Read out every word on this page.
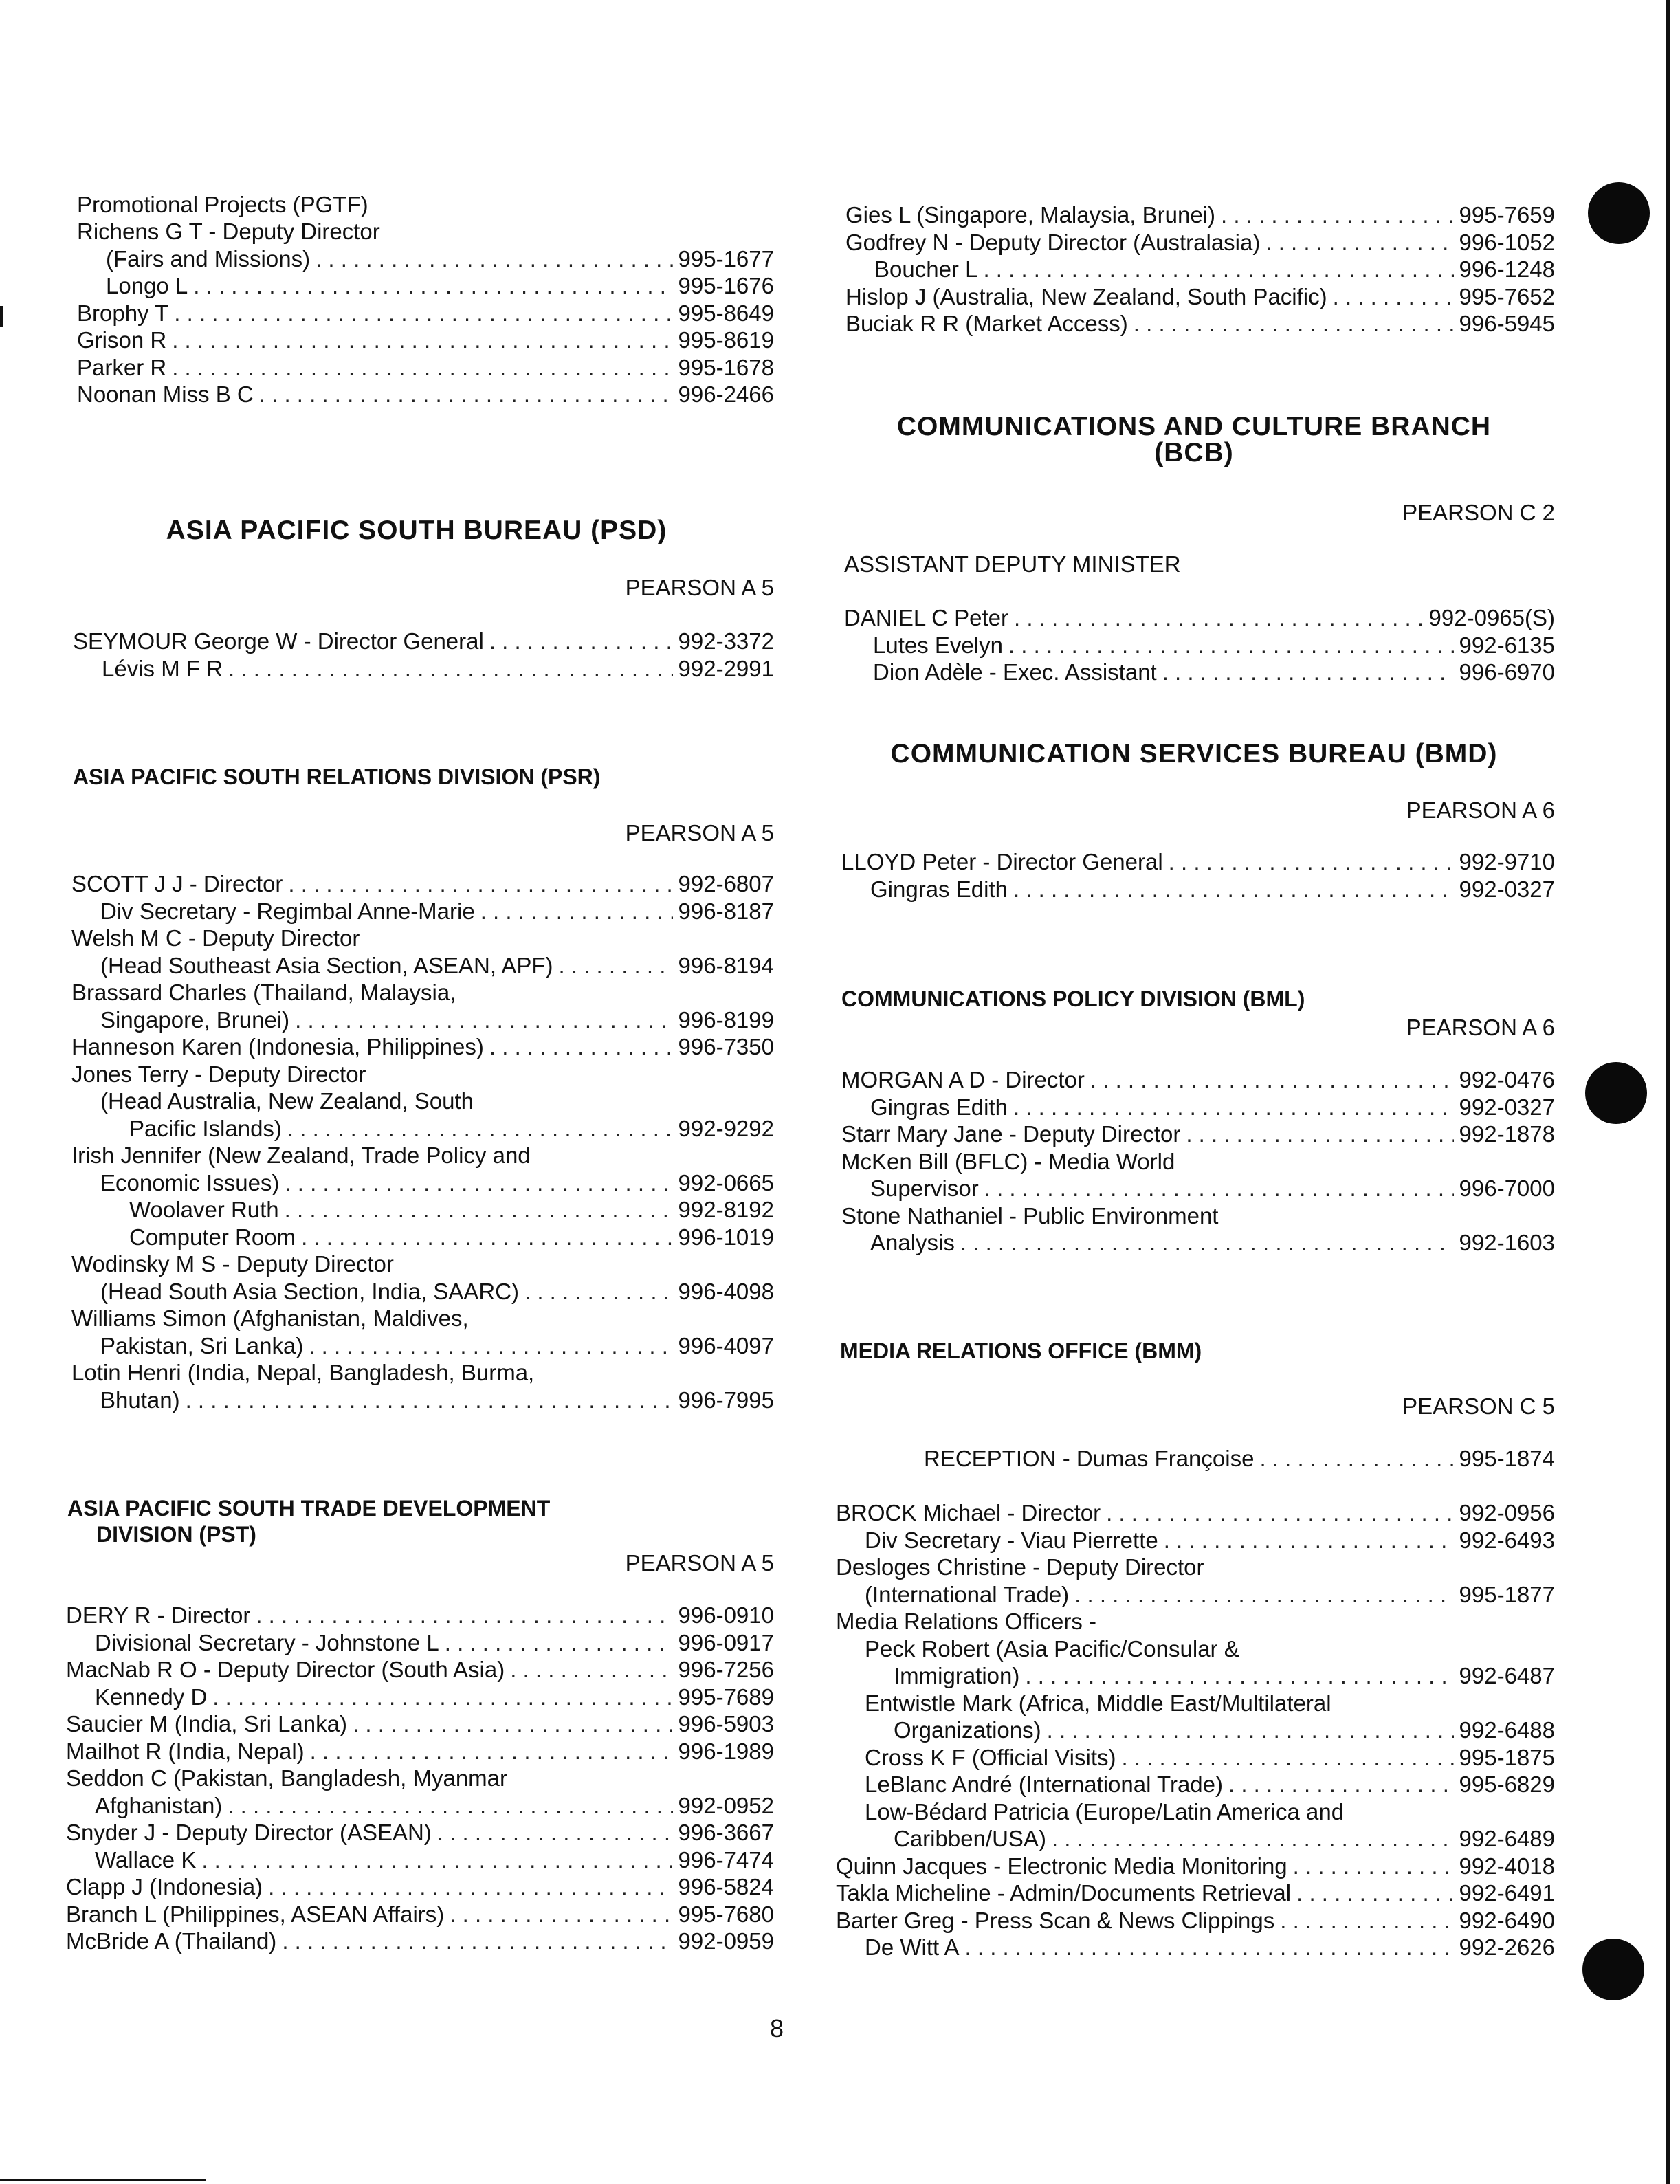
Promotional Projects (PGTF)
Richens G T - Deputy Director
(Fairs and Missions) . . .	995-1677
Longo L . . .	995-1676
Brophy T . . .	995-8649
Grison R . . .	995-8619
Parker R . . .	995-1678
Noonan Miss B C . . .	996-2466
ASIA PACIFIC SOUTH BUREAU (PSD)
PEARSON A 5
SEYMOUR George W - Director General . . .	992-3372
Lévis M F R . . .	992-2991
ASIA PACIFIC SOUTH RELATIONS DIVISION (PSR)
PEARSON A 5
SCOTT J J - Director . . .	992-6807
Div Secretary - Regimbal Anne-Marie . . .	996-8187
Welsh M C - Deputy Director
(Head Southeast Asia Section, ASEAN, APF) . . .	996-8194
Brassard Charles (Thailand, Malaysia,
Singapore, Brunei) . . .	996-8199
Hanneson Karen (Indonesia, Philippines) . . .	996-7350
Jones Terry - Deputy Director
(Head Australia, New Zealand, South
Pacific Islands) . . .	992-9292
Irish Jennifer (New Zealand, Trade Policy and
Economic Issues) . . .	992-0665
Woolaver Ruth . . .	992-8192
Computer Room . . .	996-1019
Wodinsky M S - Deputy Director
(Head South Asia Section, India, SAARC) . . .	996-4098
Williams Simon (Afghanistan, Maldives,
Pakistan, Sri Lanka) . . .	996-4097
Lotin Henri (India, Nepal, Bangladesh, Burma,
Bhutan) . . .	996-7995
ASIA PACIFIC SOUTH TRADE DEVELOPMENT
DIVISION (PST)
PEARSON A 5
DERY R - Director . . .	996-0910
Divisional Secretary - Johnstone L . . .	996-0917
MacNab R O - Deputy Director (South Asia) . . .	996-7256
Kennedy D . . .	995-7689
Saucier M (India, Sri Lanka) . . .	996-5903
Mailhot R (India, Nepal) . . .	996-1989
Seddon C (Pakistan, Bangladesh, Myanmar
Afghanistan) . . .	992-0952
Snyder J - Deputy Director (ASEAN) . . .	996-3667
Wallace K . . .	996-7474
Clapp J (Indonesia) . . .	996-5824
Branch L (Philippines, ASEAN Affairs) . . .	995-7680
McBride A (Thailand) . . .	992-0959
Gies L (Singapore, Malaysia, Brunei) . . .	995-7659
Godfrey N - Deputy Director (Australasia) . . .	996-1052
Boucher L . . .	996-1248
Hislop J (Australia, New Zealand, South Pacific) . . .	995-7652
Buciak R R (Market Access) . . .	996-5945
COMMUNICATIONS AND CULTURE BRANCH
(BCB)
PEARSON C 2
ASSISTANT DEPUTY MINISTER
DANIEL C Peter . . .	992-0965(S)
Lutes Evelyn . . .	992-6135
Dion Adèle - Exec. Assistant . . .	996-6970
COMMUNICATION SERVICES BUREAU (BMD)
PEARSON A 6
LLOYD Peter - Director General . . .	992-9710
Gingras Edith . . .	992-0327
COMMUNICATIONS POLICY DIVISION (BML)
PEARSON A 6
MORGAN A D - Director . . .	992-0476
Gingras Edith . . .	992-0327
Starr Mary Jane - Deputy Director . . .	992-1878
McKen Bill (BFLC) - Media World
Supervisor . . .	996-7000
Stone Nathaniel - Public Environment
Analysis . . .	992-1603
MEDIA RELATIONS OFFICE (BMM)
PEARSON C 5
RECEPTION - Dumas Françoise . . .	995-1874
BROCK Michael - Director . . .	992-0956
Div Secretary - Viau Pierrette . . .	992-6493
Desloges Christine - Deputy Director
(International Trade) . . .	995-1877
Media Relations Officers -
Peck Robert (Asia Pacific/Consular &
Immigration) . . .	992-6487
Entwistle Mark (Africa, Middle East/Multilateral
Organizations) . . .	992-6488
Cross K F (Official Visits) . . .	995-1875
LeBlanc André (International Trade) . . .	995-6829
Low-Bédard Patricia (Europe/Latin America and
Caribben/USA) . . .	992-6489
Quinn Jacques - Electronic Media Monitoring . . .	992-4018
Takla Micheline - Admin/Documents Retrieval . . .	992-6491
Barter Greg - Press Scan & News Clippings . . .	992-6490
De Witt A . . .	992-2626
8
